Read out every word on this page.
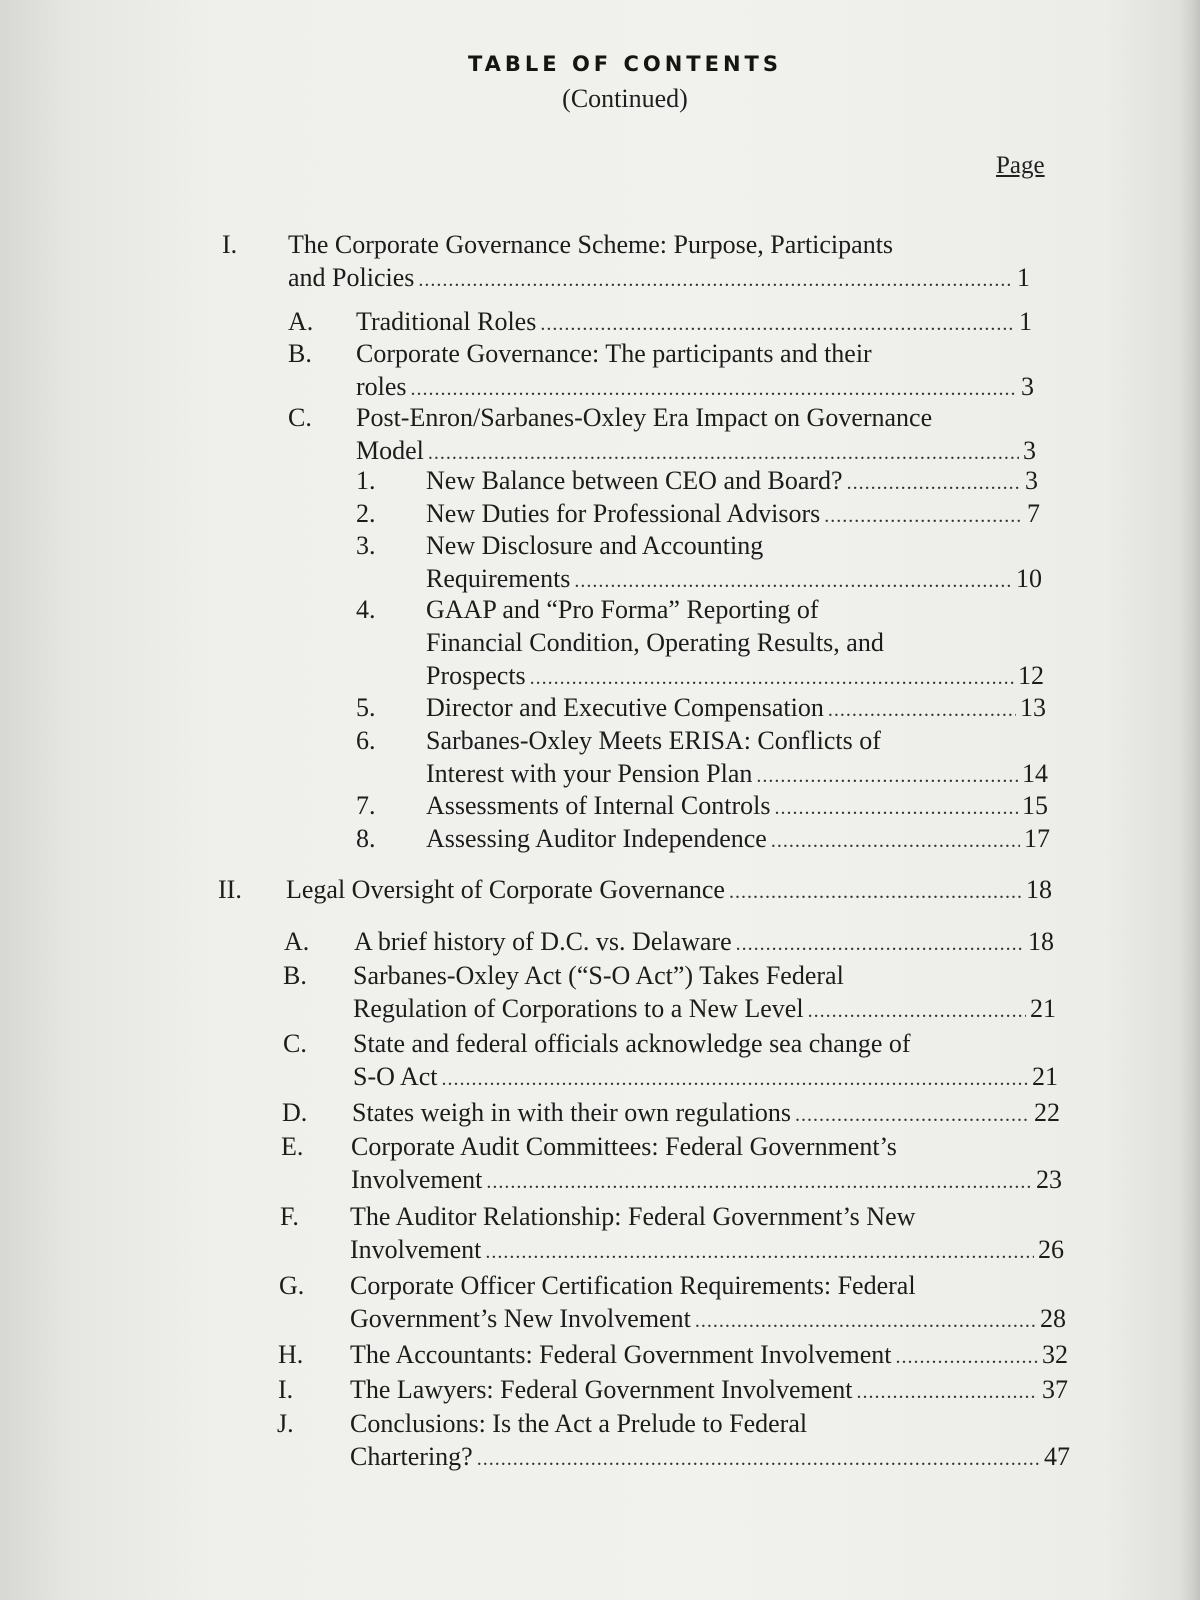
TABLE OF CONTENTS
(Continued)
Page
I. The Corporate Governance Scheme: Purpose, Participants
and Policies .....	1
A. Traditional Roles .....	1
B. Corporate Governance: The participants and their
roles .....	3
C. Post-Enron/Sarbanes-Oxley Era Impact on Governance
Model .....	3
1. New Balance between CEO and Board? .....	3
2. New Duties for Professional Advisors .....	7
3. New Disclosure and Accounting
Requirements .....	10
4. GAAP and “Pro Forma” Reporting of
Financial Condition, Operating Results, and
Prospects .....	12
5. Director and Executive Compensation .....	13
6. Sarbanes-Oxley Meets ERISA: Conflicts of
Interest with your Pension Plan .....	14
7. Assessments of Internal Controls .....	15
8. Assessing Auditor Independence .....	17
II. Legal Oversight of Corporate Governance .....	18
A. A brief history of D.C. vs. Delaware .....	18
B. Sarbanes-Oxley Act (“S-O Act”) Takes Federal
Regulation of Corporations to a New Level .....	21
C. State and federal officials acknowledge sea change of
S-O Act .....	21
D. States weigh in with their own regulations .....	22
E. Corporate Audit Committees: Federal Government’s
Involvement .....	23
F. The Auditor Relationship: Federal Government’s New
Involvement .....	26
G. Corporate Officer Certification Requirements: Federal
Government’s New Involvement .....	28
H. The Accountants: Federal Government Involvement .....	32
I. The Lawyers: Federal Government Involvement .....	37
J. Conclusions: Is the Act a Prelude to Federal
Chartering? .....	47
